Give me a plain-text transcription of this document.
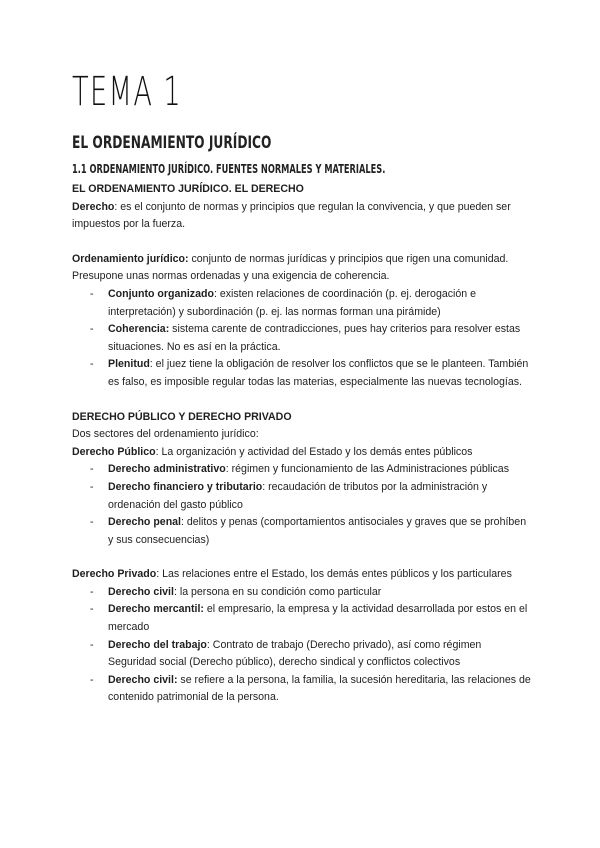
TEMA 1
EL ORDENAMIENTO JURÍDICO
1.1 ORDENAMIENTO JURÍDICO. FUENTES NORMALES Y MATERIALES.

EL ORDENAMIENTO JURÍDICO. EL DERECHO

Derecho: es el conjunto de normas y principios que regulan la convivencia, y que pueden ser impuestos por la fuerza.

Ordenamiento jurídico: conjunto de normas jurídicas y principios que rigen una comunidad. Presupone unas normas ordenadas y una exigencia de coherencia.

- Conjunto organizado: existen relaciones de coordinación (p. ej. derogación e interpretación) y subordinación (p. ej. las normas forman una pirámide)
- Coherencia: sistema carente de contradicciones, pues hay criterios para resolver estas situaciones. No es así en la práctica.
- Plenitud: el juez tiene la obligación de resolver los conflictos que se le planteen. También es falso, es imposible regular todas las materias, especialmente las nuevas tecnologías.

DERECHO PÚBLICO Y DERECHO PRIVADO

Dos sectores del ordenamiento jurídico:

Derecho Público: La organización y actividad del Estado y los demás entes públicos

- Derecho administrativo: régimen y funcionamiento de las Administraciones públicas
- Derecho financiero y tributario: recaudación de tributos por la administración y ordenación del gasto público
- Derecho penal: delitos y penas (comportamientos antisociales y graves que se prohíben y sus consecuencias)

Derecho Privado: Las relaciones entre el Estado, los demás entes públicos y los particulares

- Derecho civil: la persona en su condición como particular
- Derecho mercantil: el empresario, la empresa y la actividad desarrollada por estos en el mercado
- Derecho del trabajo: Contrato de trabajo (Derecho privado), así como régimen Seguridad social (Derecho público), derecho sindical y conflictos colectivos
- Derecho civil: se refiere a la persona, la familia, la sucesión hereditaria, las relaciones de contenido patrimonial de la persona.
